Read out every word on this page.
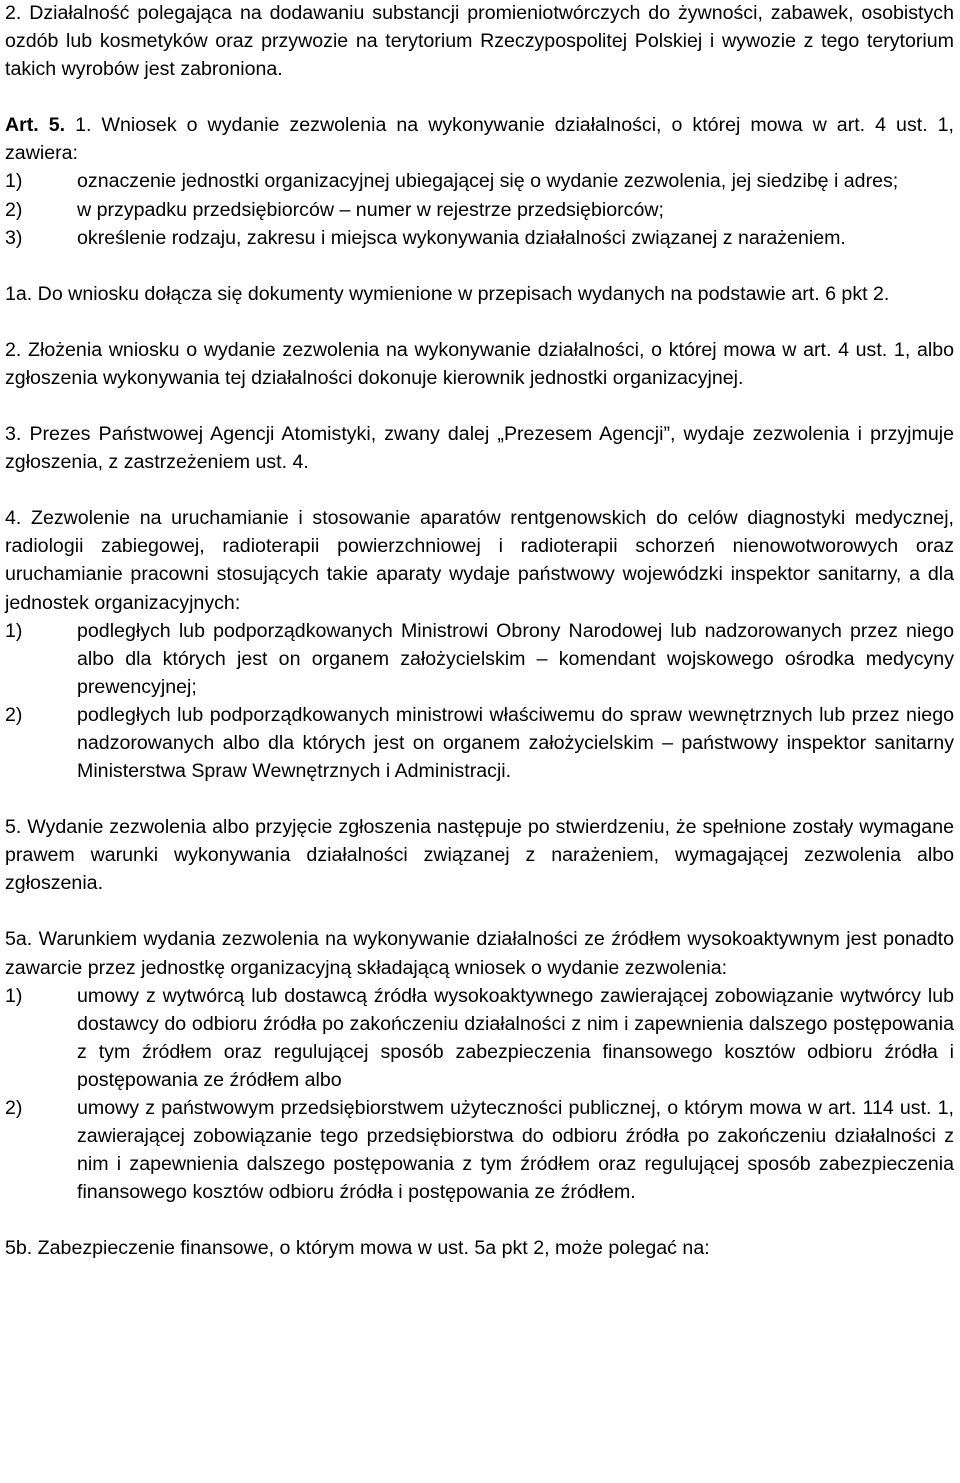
2. Działalność polegająca na dodawaniu substancji promieniotwórczych do żywności, zabawek, osobistych ozdób lub kosmetyków oraz przywozie na terytorium Rzeczypospolitej Polskiej i wywozie z tego terytorium takich wyrobów jest zabroniona.

Art. 5. 1. Wniosek o wydanie zezwolenia na wykonywanie działalności, o której mowa w art. 4 ust. 1, zawiera:

1)	oznaczenie jednostki organizacyjnej ubiegającej się o wydanie zezwolenia, jej siedzibę i adres;
2)	w przypadku przedsiębiorców – numer w rejestrze przedsiębiorców;
3)	określenie rodzaju, zakresu i miejsca wykonywania działalności związanej z narażeniem.

1a. Do wniosku dołącza się dokumenty wymienione w przepisach wydanych na podstawie art. 6 pkt 2.

2. Złożenia wniosku o wydanie zezwolenia na wykonywanie działalności, o której mowa w art. 4 ust. 1, albo zgłoszenia wykonywania tej działalności dokonuje kierownik jednostki organizacyjnej.

3. Prezes Państwowej Agencji Atomistyki, zwany dalej „Prezesem Agencji”, wydaje zezwolenia i przyjmuje zgłoszenia, z zastrzeżeniem ust. 4.

4. Zezwolenie na uruchamianie i stosowanie aparatów rentgenowskich do celów diagnostyki medycznej, radiologii zabiegowej, radioterapii powierzchniowej i radioterapii schorzeń nienowotworowych oraz uruchamianie pracowni stosujących takie aparaty wydaje państwowy wojewódzki inspektor sanitarny, a dla jednostek organizacyjnych:

1)	podległych lub podporządkowanych Ministrowi Obrony Narodowej lub nadzorowanych przez niego albo dla których jest on organem założycielskim – komendant wojskowego ośrodka medycyny prewencyjnej;
2)	podległych lub podporządkowanych ministrowi właściwemu do spraw wewnętrznych lub przez niego nadzorowanych albo dla których jest on organem założycielskim – państwowy inspektor sanitarny Ministerstwa Spraw Wewnętrznych i Administracji.

5. Wydanie zezwolenia albo przyjęcie zgłoszenia następuje po stwierdzeniu, że spełnione zostały wymagane prawem warunki wykonywania działalności związanej z narażeniem, wymagającej zezwolenia albo zgłoszenia.

5a. Warunkiem wydania zezwolenia na wykonywanie działalności ze źródłem wysokoaktywnym jest ponadto zawarcie przez jednostkę organizacyjną składającą wniosek o wydanie zezwolenia:

1)	umowy z wytwórcą lub dostawcą źródła wysokoaktywnego zawierającej zobowiązanie wytwórcy lub dostawcy do odbioru źródła po zakończeniu działalności z nim i zapewnienia dalszego postępowania z tym źródłem oraz regulującej sposób zabezpieczenia finansowego kosztów odbioru źródła i postępowania ze źródłem albo
2)	umowy z państwowym przedsiębiorstwem użyteczności publicznej, o którym mowa w art. 114 ust. 1, zawierającej zobowiązanie tego przedsiębiorstwa do odbioru źródła po zakończeniu działalności z nim i zapewnienia dalszego postępowania z tym źródłem oraz regulującej sposób zabezpieczenia finansowego kosztów odbioru źródła i postępowania ze źródłem.

5b. Zabezpieczenie finansowe, o którym mowa w ust. 5a pkt 2, może polegać na:
